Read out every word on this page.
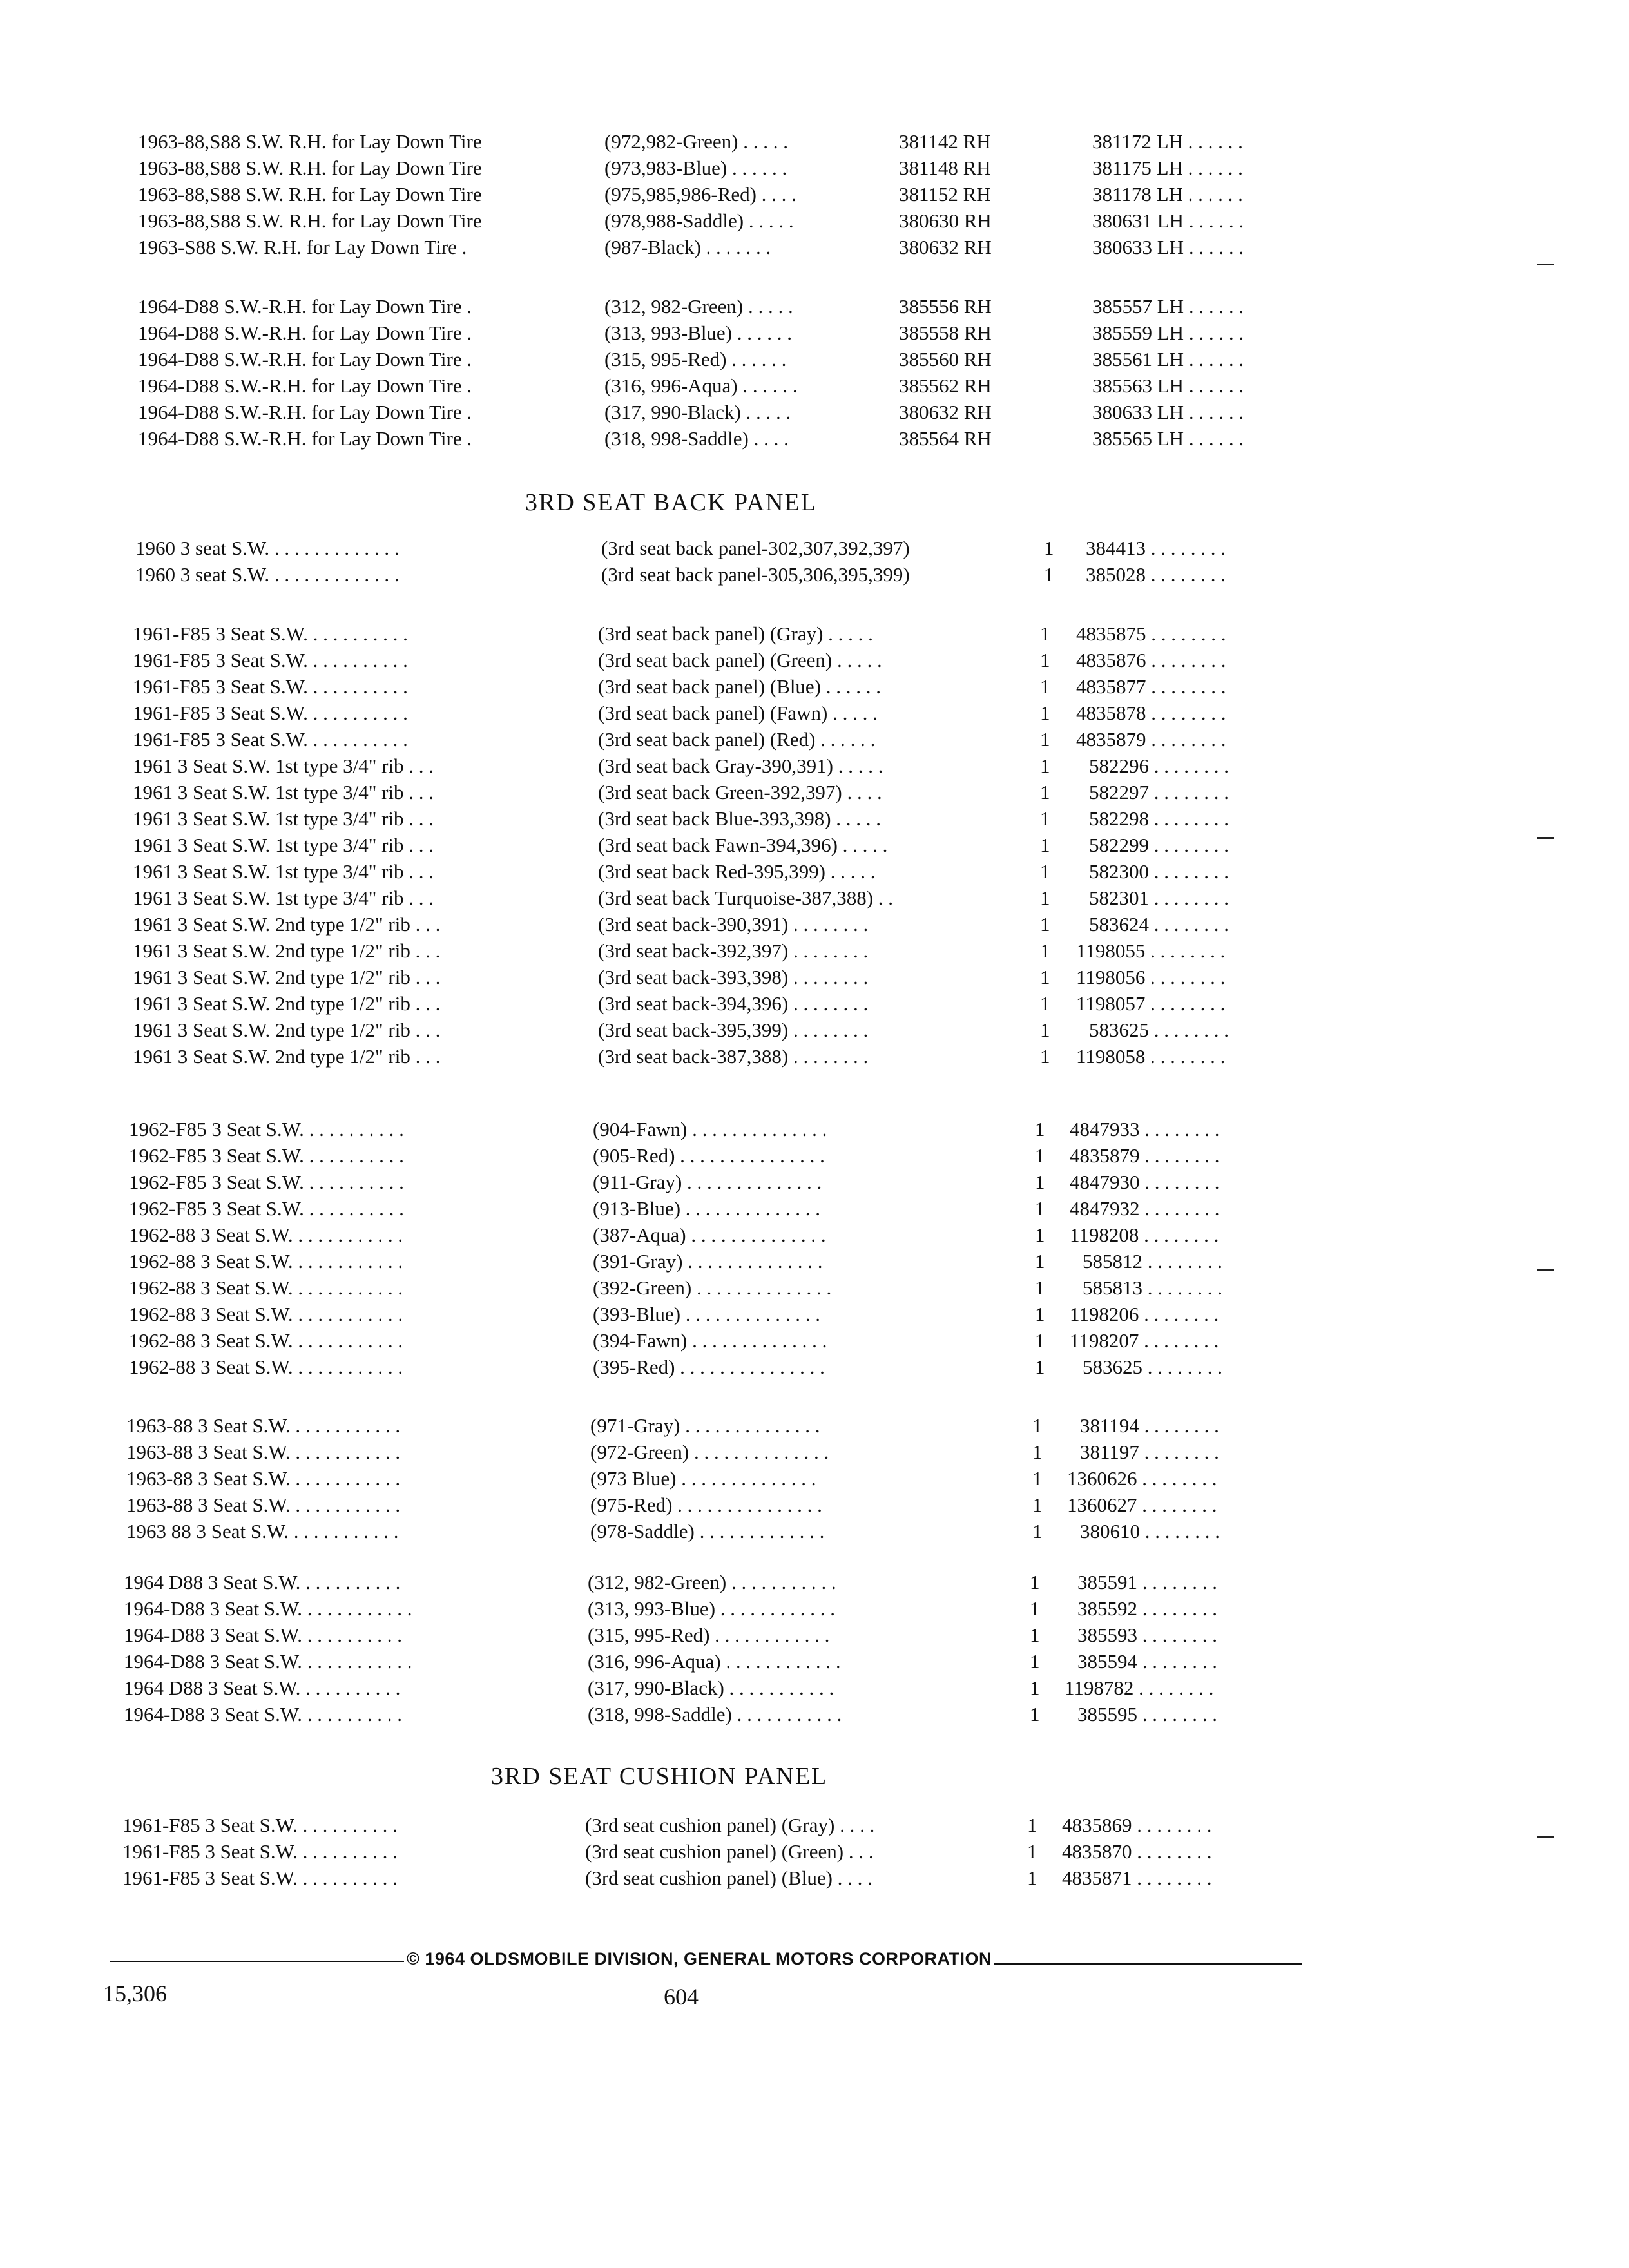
1963-88,S88 S.W. R.H. for Lay Down Tire	(972,982-Green) . . . . .	381142 RH	381172 LH . . . . . .
1963-88,S88 S.W. R.H. for Lay Down Tire	(973,983-Blue) . . . . . .	381148 RH	381175 LH . . . . . .
1963-88,S88 S.W. R.H. for Lay Down Tire	(975,985,986-Red) . . . .	381152 RH	381178 LH . . . . . .
1963-88,S88 S.W. R.H. for Lay Down Tire	(978,988-Saddle) . . . . .	380630 RH	380631 LH . . . . . .
1963-S88 S.W. R.H. for Lay Down Tire .	(987-Black) . . . . . . .	380632 RH	380633 LH . . . . . .
1964-D88 S.W.-R.H. for Lay Down Tire .	(312, 982-Green) . . . . .	385556 RH	385557 LH . . . . . .
1964-D88 S.W.-R.H. for Lay Down Tire .	(313, 993-Blue) . . . . . .	385558 RH	385559 LH . . . . . .
1964-D88 S.W.-R.H. for Lay Down Tire .	(315, 995-Red) . . . . . .	385560 RH	385561 LH . . . . . .
1964-D88 S.W.-R.H. for Lay Down Tire .	(316, 996-Aqua) . . . . . .	385562 RH	385563 LH . . . . . .
1964-D88 S.W.-R.H. for Lay Down Tire .	(317, 990-Black) . . . . .	380632 RH	380633 LH . . . . . .
1964-D88 S.W.-R.H. for Lay Down Tire .	(318, 998-Saddle) . . . .	385564 RH	385565 LH . . . . . .
3RD SEAT BACK PANEL
1960 3 seat S.W. . . . . . . . . . . . . .	(3rd seat back panel-302,307,392,397)	1 384413 . . . . . . . .
1960 3 seat S.W. . . . . . . . . . . . . .	(3rd seat back panel-305,306,395,399)	1 385028 . . . . . . . .
1961-F85 3 Seat S.W. . . . . . . . . . .	(3rd seat back panel) (Gray) . . . . .	1 4835875 . . . . . . . .
1961-F85 3 Seat S.W. . . . . . . . . . .	(3rd seat back panel) (Green) . . . . .	1 4835876 . . . . . . . .
1961-F85 3 Seat S.W. . . . . . . . . . .	(3rd seat back panel) (Blue) . . . . . .	1 4835877 . . . . . . . .
1961-F85 3 Seat S.W. . . . . . . . . . .	(3rd seat back panel) (Fawn) . . . . .	1 4835878 . . . . . . . .
1961-F85 3 Seat S.W. . . . . . . . . . .	(3rd seat back panel) (Red) . . . . . .	1 4835879 . . . . . . . .
1961 3 Seat S.W. 1st type 3/4" rib . . .	(3rd seat back Gray-390,391) . . . . .	1 582296 . . . . . . . .
1961 3 Seat S.W. 1st type 3/4" rib . . .	(3rd seat back Green-392,397) . . . .	1 582297 . . . . . . . .
1961 3 Seat S.W. 1st type 3/4" rib . . .	(3rd seat back Blue-393,398) . . . . .	1 582298 . . . . . . . .
1961 3 Seat S.W. 1st type 3/4" rib . . .	(3rd seat back Fawn-394,396) . . . . .	1 582299 . . . . . . . .
1961 3 Seat S.W. 1st type 3/4" rib . . .	(3rd seat back Red-395,399) . . . . .	1 582300 . . . . . . . .
1961 3 Seat S.W. 1st type 3/4" rib . . .	(3rd seat back Turquoise-387,388) . .	1 582301 . . . . . . . .
1961 3 Seat S.W. 2nd type 1/2" rib . . .	(3rd seat back-390,391) . . . . . . . .	1 583624 . . . . . . . .
1961 3 Seat S.W. 2nd type 1/2" rib . . .	(3rd seat back-392,397) . . . . . . . .	1 1198055 . . . . . . . .
1961 3 Seat S.W. 2nd type 1/2" rib . . .	(3rd seat back-393,398) . . . . . . . .	1 1198056 . . . . . . . .
1961 3 Seat S.W. 2nd type 1/2" rib . . .	(3rd seat back-394,396) . . . . . . . .	1 1198057 . . . . . . . .
1961 3 Seat S.W. 2nd type 1/2" rib . . .	(3rd seat back-395,399) . . . . . . . .	1 583625 . . . . . . . .
1961 3 Seat S.W. 2nd type 1/2" rib . . .	(3rd seat back-387,388) . . . . . . . .	1 1198058 . . . . . . . .
1962-F85 3 Seat S.W. . . . . . . . . . .	(904-Fawn) . . . . . . . . . . . . . .	1 4847933 . . . . . . . .
1962-F85 3 Seat S.W. . . . . . . . . . .	(905-Red) . . . . . . . . . . . . . . .	1 4835879 . . . . . . . .
1962-F85 3 Seat S.W. . . . . . . . . . .	(911-Gray) . . . . . . . . . . . . . .	1 4847930 . . . . . . . .
1962-F85 3 Seat S.W. . . . . . . . . . .	(913-Blue) . . . . . . . . . . . . . .	1 4847932 . . . . . . . .
1962-88 3 Seat S.W. . . . . . . . . . . .	(387-Aqua) . . . . . . . . . . . . . .	1 1198208 . . . . . . . .
1962-88 3 Seat S.W. . . . . . . . . . . .	(391-Gray) . . . . . . . . . . . . . .	1 585812 . . . . . . . .
1962-88 3 Seat S.W. . . . . . . . . . . .	(392-Green) . . . . . . . . . . . . . .	1 585813 . . . . . . . .
1962-88 3 Seat S.W. . . . . . . . . . . .	(393-Blue) . . . . . . . . . . . . . .	1 1198206 . . . . . . . .
1962-88 3 Seat S.W. . . . . . . . . . . .	(394-Fawn) . . . . . . . . . . . . . .	1 1198207 . . . . . . . .
1962-88 3 Seat S.W. . . . . . . . . . . .	(395-Red) . . . . . . . . . . . . . . .	1 583625 . . . . . . . .
1963-88 3 Seat S.W. . . . . . . . . . . .	(971-Gray) . . . . . . . . . . . . . .	1 381194 . . . . . . . .
1963-88 3 Seat S.W. . . . . . . . . . . .	(972-Green) . . . . . . . . . . . . . .	1 381197 . . . . . . . .
1963-88 3 Seat S.W. . . . . . . . . . . .	(973 Blue) . . . . . . . . . . . . . .	1 1360626 . . . . . . . .
1963-88 3 Seat S.W. . . . . . . . . . . .	(975-Red) . . . . . . . . . . . . . . .	1 1360627 . . . . . . . .
1963 88 3 Seat S.W. . . . . . . . . . . .	(978-Saddle) . . . . . . . . . . . . .	1 380610 . . . . . . . .
1964 D88 3 Seat S.W. . . . . . . . . . .	(312, 982-Green) . . . . . . . . . . .	1 385591 . . . . . . . .
1964-D88 3 Seat S.W. . . . . . . . . . . .	(313, 993-Blue) . . . . . . . . . . . .	1 385592 . . . . . . . .
1964-D88 3 Seat S.W. . . . . . . . . . .	(315, 995-Red) . . . . . . . . . . . .	1 385593 . . . . . . . .
1964-D88 3 Seat S.W. . . . . . . . . . . .	(316, 996-Aqua) . . . . . . . . . . . .	1 385594 . . . . . . . .
1964 D88 3 Seat S.W. . . . . . . . . . .	(317, 990-Black) . . . . . . . . . . .	1 1198782 . . . . . . . .
1964-D88 3 Seat S.W. . . . . . . . . . .	(318, 998-Saddle) . . . . . . . . . . .	1 385595 . . . . . . . .
3RD SEAT CUSHION PANEL
1961-F85 3 Seat S.W. . . . . . . . . . .	(3rd seat cushion panel) (Gray) . . . .	1 4835869 . . . . . . . .
1961-F85 3 Seat S.W. . . . . . . . . . .	(3rd seat cushion panel) (Green) . . .	1 4835870 . . . . . . . .
1961-F85 3 Seat S.W. . . . . . . . . . .	(3rd seat cushion panel) (Blue) . . . .	1 4835871 . . . . . . . .
© 1964 OLDSMOBILE DIVISION, GENERAL MOTORS CORPORATION
15,306	604
